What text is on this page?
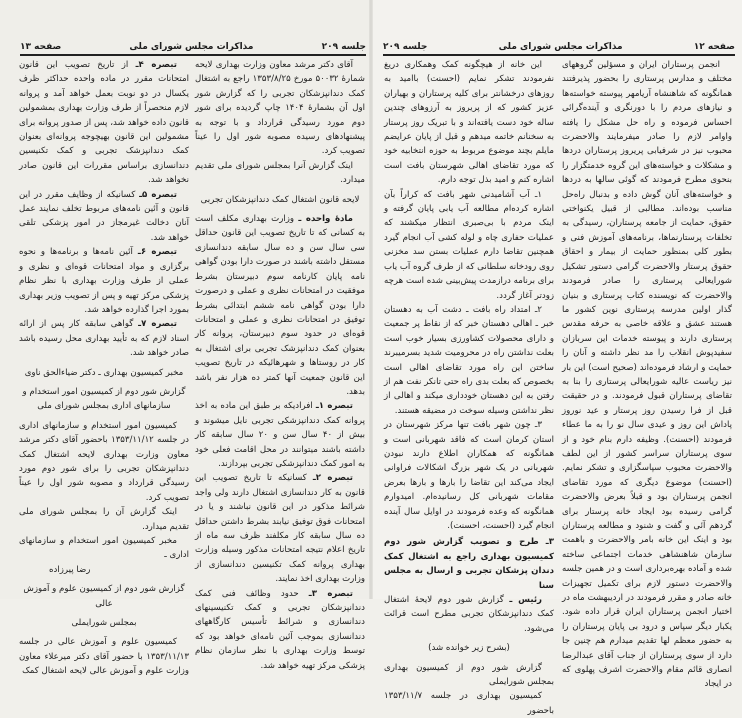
جلسه ۲۰۹
مذاکرات مجلس شورای ملی
صفحه ۱۳

آقای دکتر مرشد معاون وزارت بهداری لایحه شمارهٔ ۵۰۰۳۲ مورخ ۱۳۵۳/۸/۲۵ راجع به اشتغال کمک دندانپزشکان تجربی را که گزارش شور اول آن بشمارهٔ ۱۴۰۴ چاپ گردیده برای شور دوم مورد رسیدگی قرارداد و با توجه به پیشنهادهای رسیده مصوبه شور اول را عیناً تصویب کرد.

اینک گزارش آنرا بمجلس شورای ملی تقدیم میدارد.

لایحه قانون اشتغال کمک دندانپزشکان تجربی

مادهٔ واحده ـ وزارت بهداری مکلف است به کسانی که تا تاریخ تصویب این قانون حداقل سی سال سن و ده سال سابقه دندانسازی مستقل داشته باشند در صورت دارا بودن گواهی نامه پایان کارنامه سوم دبیرستان بشرط موفقیت در امتحانات نظری و عملی و درصورت دارا بودن گواهی نامه ششم ابتدائی بشرط توفیق در امتحانات نظری و عملی و امتحانات قوه‌ای در حدود سوم دبیرستان، پروانه کار بعنوان کمک دندانپزشک تجربی برای اشتغال به کار در روستاها و شهرهائیکه در تاریخ تصویب این قانون جمعیت آنها کمتر ده هزار نفر باشد بدهد.

تبصره ۱ـ افرادیکه بر طبق این ماده به اخذ پروانه کمک دندانپزشکی تجربی نایل میشوند و بیش از ۴۰ سال سن و ۲۰ سال سابقه کار داشته باشند میتوانند در محل اقامت فعلی خود به امور کمک دندانپزشکی تجربی بپردازند.

تبصره ۲ـ کسانیکه تا تاریخ تصویب این قانون به کار دندانسازی اشتغال دارند ولی واجد شرائط مذکور در این قانون نباشند و یا در امتحانات فوق توفیق نیابند بشرط داشتن حداقل ده سال سابقه کار مکلفند ظرف سه ماه از تاریخ اعلام نتیجه امتحانات مذکور وسیله وزارت بهداری پروانه کمک تکنیسین دندانسازی از وزارت بهداری اخذ نمایند.

تبصره ۳ـ حدود وظائف فنی کمک دندانپزشکان تجربی و کمک تکنیسینهای دندانسازی و شرائط تأسیس کارگاههای دندانسازی بموجب آئین نامه‌ای خواهد بود که توسط وزارت بهداری با نظر سازمان نظام پزشکی مرکز تهیه خواهد شد.

تبصره ۴ـ از تاریخ تصویب این قانون امتحانات مقرر در ماده واحده حداکثر ظرف یکسال در دو نوبت بعمل خواهد آمد و پروانه لازم منحصراً از طرف وزارت بهداری بمشمولین قانون داده خواهد شد، پس از صدور پروانه برای مشمولین این قانون بهیچوجه پروانه‌ای بعنوان کمک دندانپزشک تجربی و کمک تکنیسین دندانسازی براساس مقررات این قانون صادر نخواهد شد.

تبصره ۵ـ کسانیکه از وظایف مقرر در این قانون و آئین نامه‌های مربوط تخلف نمایند عمل آنان دخالت غیرمجاز در امور پزشکی تلقی خواهد شد.

تبصره ۶ـ آئین نامه‌ها و برنامه‌ها و نحوه برگزاری و مواد امتحانات قوه‌ای و نظری و عملی از طرف وزارت بهداری با نظر نظام پزشکی مرکز تهیه و پس از تصویب وزیر بهداری بمورد اجرا گذارده خواهد شد.

تبصره ۷ـ گواهی سابقه کار پس از ارائه اسناد لازم که به تأیید بهداری محل رسیده باشد صادر خواهد شد.

مخبر کمیسیون بهداری ـ دکتر ضیاءالحق ناوی

گزارش شور دوم از کمیسیون امور استخدام و سازمانهای اداری بمجلس شورای ملی

کمیسیون امور استخدام و سازمانهای اداری در جلسه ۱۳۵۳/۱۱/۱۲ باحضور آقای دکتر مرشد معاون وزارت بهداری لایحه اشتغال کمک دندانپزشکان تجربی را برای شور دوم مورد رسیدگی قرارداد و مصوبه شور اول را عیناً تصویب کرد.

اینک گزارش آن را بمجلس شورای ملی تقدیم میدارد.

مخبر کمیسیون امور استخدام و سازمانهای اداری ـ

رضا پیرزاده

گزارش شور دوم از کمیسیون علوم و آموزش عالی

بمجلس شورایملی

کمیسیون علوم و آموزش عالی در جلسه ۱۳۵۳/۱۱/۱۳ با حضور آقای دکتر میرعلاء معاون وزارت علوم و آموزش عالی لایحه اشتغال کمک

صفحه ۱۲
مذاکرات مجلس شورای ملی
جلسه ۲۰۹

انجمن پرستاران ایران و مسؤلین گروههای مختلف و مدارس پرستاری را بحضور پذیرفتند همانگونه که شاهنشاه آریامهر پیوسته خواسته‌ها و نیازهای مردم را با دورنگری و آینده‌گرائی احساس فرموده و راه حل مشکل را یافته واوامر لازم را صادر میفرمایند والاحضرت محبوب نیز در شرفیابی پریروز پرستاران دردها و مشکلات و خواسته‌های این گروه خدمتگزار را بنحوی مطرح فرمودند که گوئی سالها به دردها و خواسته‌های آنان گوش داده و بدنبال راه‌حل مناسب بوده‌اند. مطالبی از قبیل یکنواختی حقوق، حمایت از جامعه پرستاران، رسیدگی به تخلفات پرستارنماها، برنامه‌های آموزش فنی و بطور کلی بمنظور حمایت از بیمار و احقاق حقوق پرستار والاحضرت گرامی دستور تشکیل شورایعالی پرستاری را صادر فرمودند والاحضرت که نویسنده کتاب پرستاری و بنیان گذار اولین مدرسه پرستاری نوین کشور ما هستند عشق و علاقه خاصی به حرفه مقدس پرستاری دارند و پیوسته خدمات این سربازان سفیدپوش انقلاب را مد نظر داشته و آنان را حمایت و ارشاد فرموده‌اند (صحیح است) این بار نیز ریاست عالیه شورایعالی پرستاری را بنا به تقاضای پرستاران قبول فرمودند. و در حقیقت قبل از فرا رسیدن روز پرستار و عید نوروز پاداش این روز و عیدی سال نو را به ما عطاء فرمودند (احسنت). وظیفه دارم بنام خود و از سوی پرستاران سراسر کشور از این لطف والاحضرت محبوب سپاسگزاری و تشکر نمایم. (احسنت) موضوع دیگری که مورد تقاضای انجمن پرستاران بود و قبلاً بعرض والاحضرت گرامی رسیده بود ایجاد خانه پرستار برای گردهم آئی و گفت و شنود و مطالعه پرستاران بود و اینک این خانه بامر والاحضرت و باهمت سازمان شاهنشاهی خدمات اجتماعی ساخته شده و آماده بهره‌برداری است و در همین جلسه والاحضرت دستور لازم برای تکمیل تجهیزات خانه صادر و مقرر فرمودند در اردیبهشت ماه در اختیار انجمن پرستاران ایران قرار داده شود. یکبار دیگر سپاس و درود بی پایان پرستاران را به حضور معظم لها تقدیم میدارم هم چنین جا دارد از سوی پرستاران از جناب آقای عبدالرضا انصاری قائم مقام والاحضرت اشرف پهلوی که در ایجاد

این خانه از هیچگونه کمک وهمکاری دریغ نفرمودند تشکر نمایم (احسنت) باامید به روزهای درخشانتر برای کلیه پرستاران و بهیاران عزیز کشور که از پریروز به آرزوهای چندین ساله خود دست یافته‌اند و با تبریک روز پرستار به سخنانم خاتمه میدهم و قبل از پایان عرایضم مایلم بچند موضوع مربوط به حوزه انتخابیه خود که مورد تقاضای اهالی شهرستان بافت است اشاره کنم و امید بذل توجه دارم.

۱ـ آب آشامیدنی شهر بافت که کراراً بآن اشاره کرده‌ام مطالعه آب یابی پایان گرفته و اینک مردم با بی‌صبری انتظار میکشند که عملیات حفاری چاه و لوله کشی آب انجام گیرد همچنین تقاضا دارم عملیات بستن سد مخزنی روی رودخانه سلطانی که از طرف گروه آب یاب برای برنامه درازمدت پیش‌بینی شده است هرچه زودتر آغاز گردد.

۲ـ امتداد راه بافت ـ دشت آب به دهستان خبر ـ اهالی دهستان خبر که از نقاط پر جمعیت و دارای محصولات کشاورزی بسیار خوب است بعلت نداشتن راه در محرومیت شدید بسرمیبرند ساختن این راه مورد تقاضای اهالی است بخصوص که بعلت بدی راه حتی تانکر نفت هم از رفتن به این دهستان خودداری میکند و اهالی از نظر نداشتن وسیله سوخت در مضیقه هستند.

۳ـ چون شهر بافت تنها مرکز شهرستان در استان کرمان است که فاقد شهربانی است و همانگونه که همکاران اطلاع دارند نبودن شهربانی در یک شهر بزرگ اشکالات فراوانی ایجاد می‌کند این تقاضا را بارها و بارها بعرض مقامات شهربانی کل رسانیده‌ام. امیدوارم همانگونه که وعده فرمودند در اوایل سال آینده انجام گیرد (احسنت، احسنت).

۳ـ طرح و تصویب گزارش شور دوم کمیسیون بهداری راجع به اشتغال کمک دندان پزشکان تجربی و ارسال به مجلس سنا

رئیس ـ گزارش شور دوم لایحهٔ اشتغال کمک دندانپزشکان تجربی مطرح است قرائت می‌شود.

(بشرح زیر خوانده شد)

گزارش شور دوم از کمیسیون بهداری بمجلس شورایملی

کمیسیون بهداری در جلسه ۱۳۵۳/۱۱/۷ باحضور
